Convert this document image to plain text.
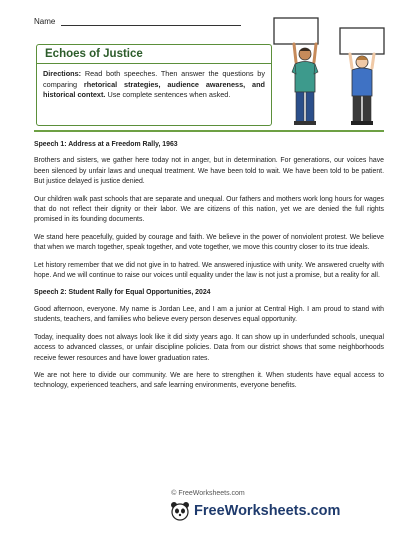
Name
Echoes of Justice
Directions: Read both speeches. Then answer the questions by comparing rhetorical strategies, audience awareness, and historical context. Use complete sentences when asked.
Speech 1: Address at a Freedom Rally, 1963

Brothers and sisters, we gather here today not in anger, but in determination. For generations, our voices have been silenced by unfair laws and unequal treatment. We have been told to wait. We have been told to be patient. But justice delayed is justice denied.

Our children walk past schools that are separate and unequal. Our fathers and mothers work long hours for wages that do not reflect their dignity or their labor. We are citizens of this nation, yet we are denied the full rights promised in its founding documents.

We stand here peacefully, guided by courage and faith. We believe in the power of nonviolent protest. We believe that when we march together, speak together, and vote together, we move this country closer to its true ideals.

Let history remember that we did not give in to hatred. We answered injustice with unity. We answered cruelty with hope. And we will continue to raise our voices until equality under the law is not just a promise, but a reality for all.

Speech 2: Student Rally for Equal Opportunities, 2024

Good afternoon, everyone. My name is Jordan Lee, and I am a junior at Central High. I am proud to stand with students, teachers, and families who believe every person deserves equal opportunity.

Today, inequality does not always look like it did sixty years ago. It can show up in underfunded schools, unequal access to advanced classes, or unfair discipline policies. Data from our district shows that some neighborhoods receive fewer resources and have lower graduation rates.

We are not here to divide our community. We are here to strengthen it. When students have equal access to technology, experienced teachers, and safe learning environments, everyone benefits.

© FreeWorksheets.com
FreeWorksheets.com
